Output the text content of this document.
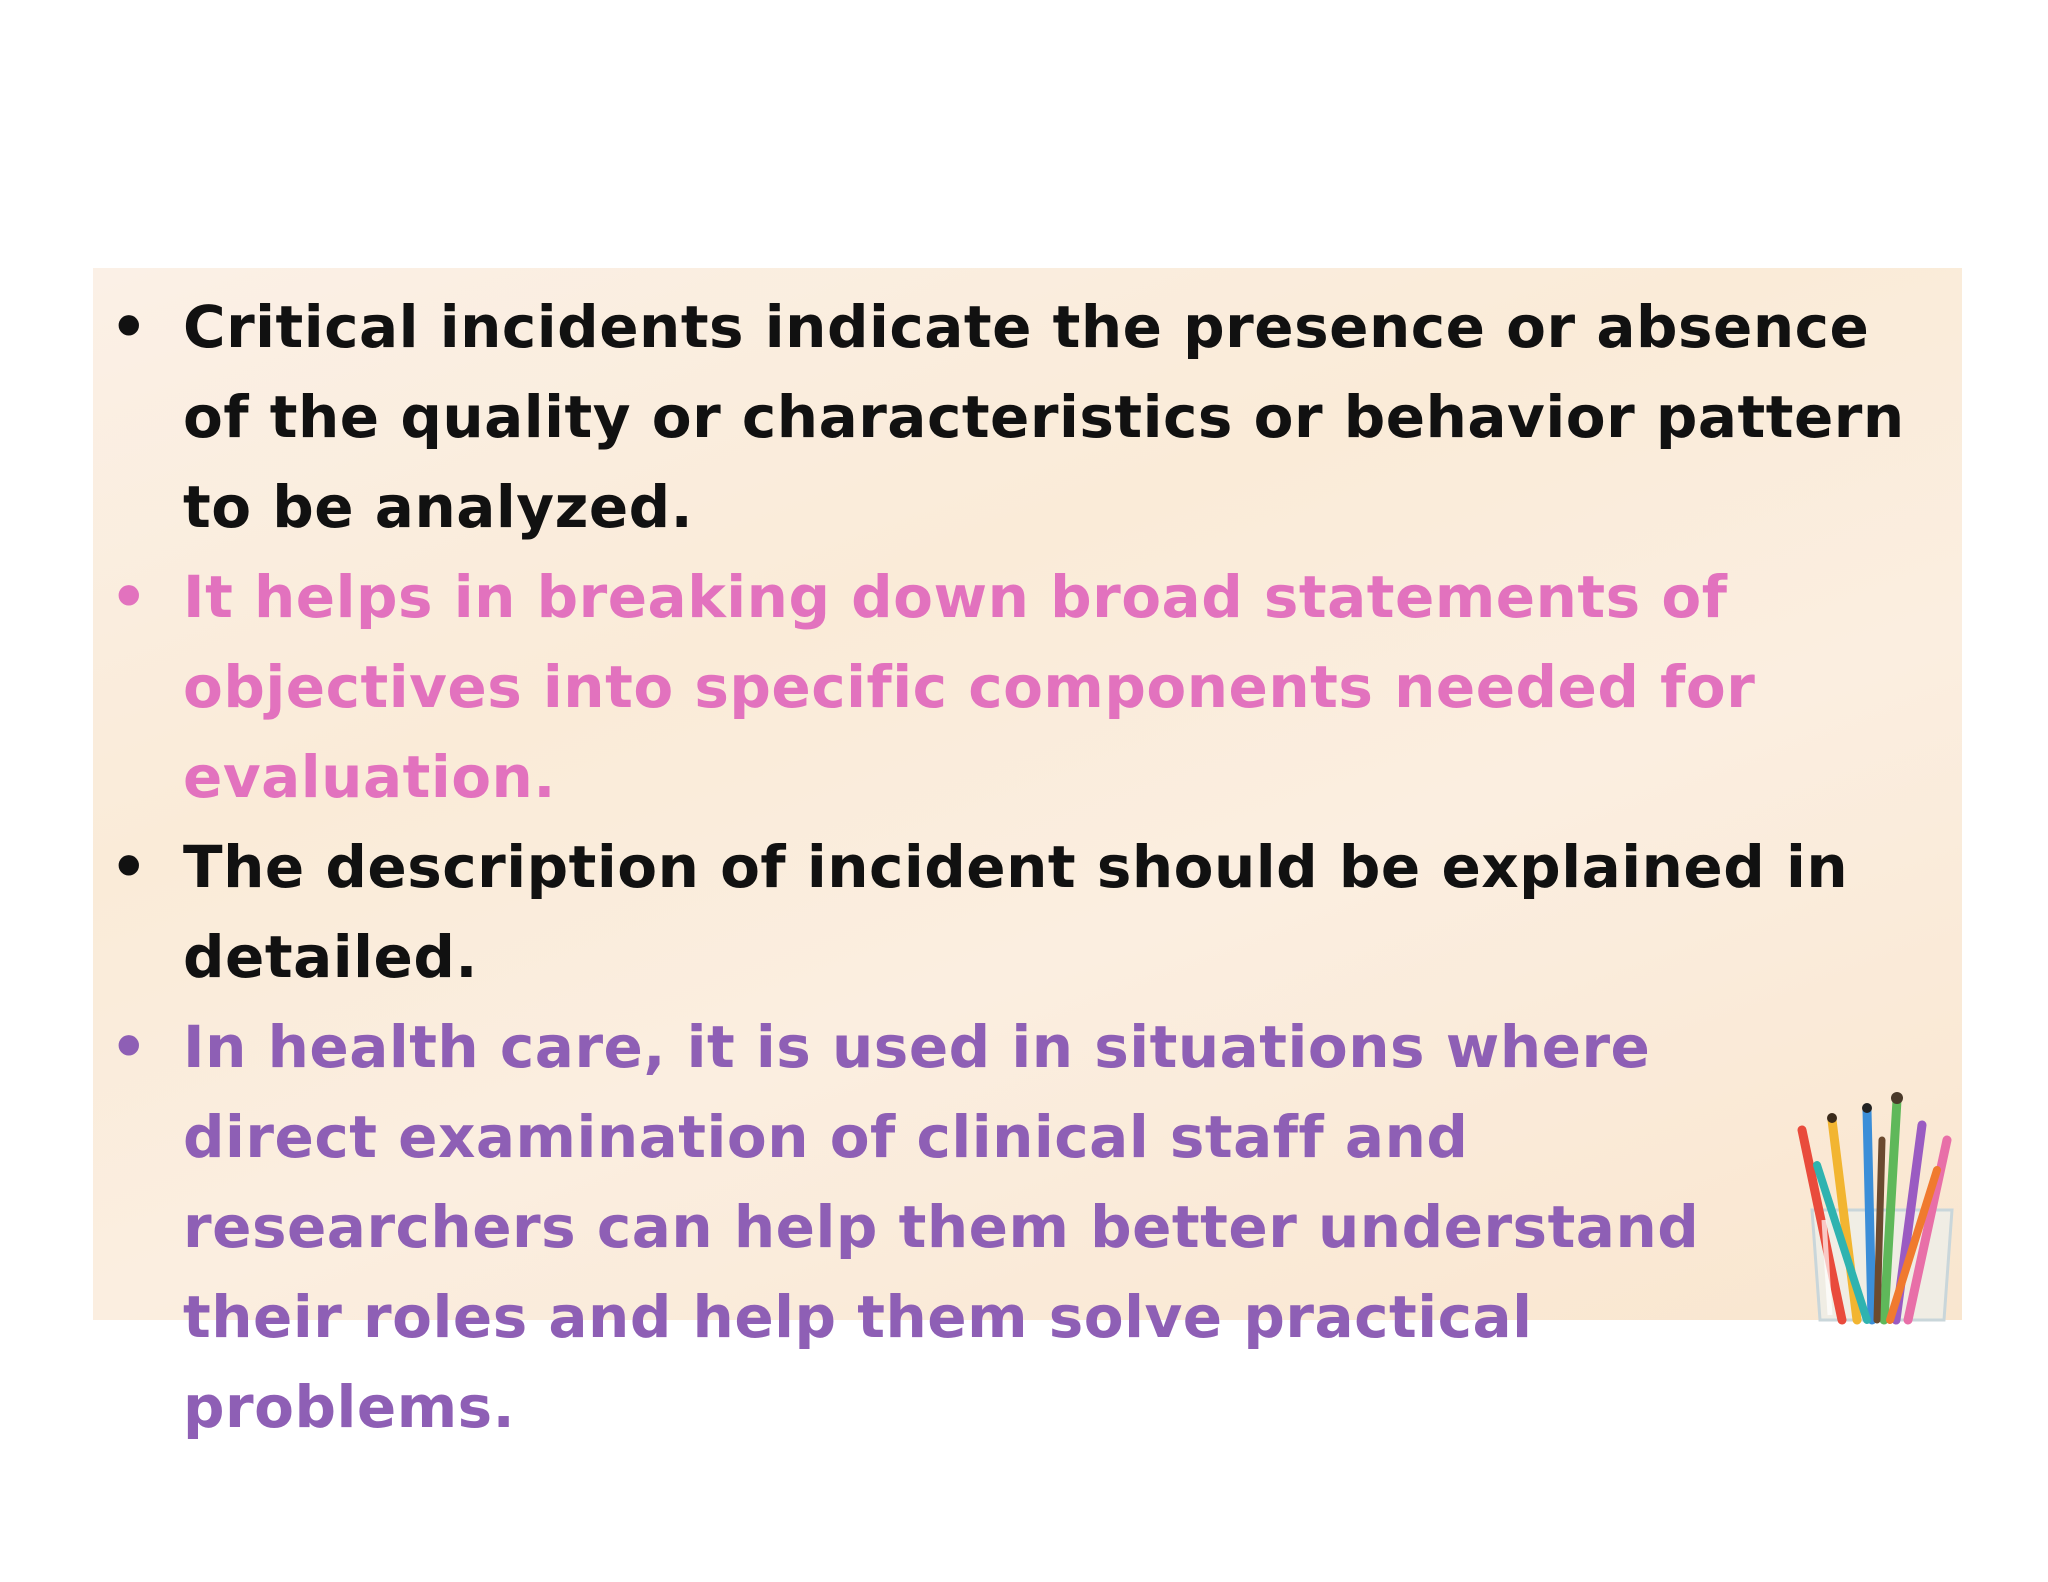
• Critical incidents indicate the presence or absence of the quality or characteristics or behavior pattern to be analyzed.
• It helps in breaking down broad statements of objectives into specific components needed for evaluation.
• The description of incident should be explained in detailed.
• In health care, it is used in situations where direct examination of clinical staff and researchers can help them better understand their roles and help them solve practical problems.
